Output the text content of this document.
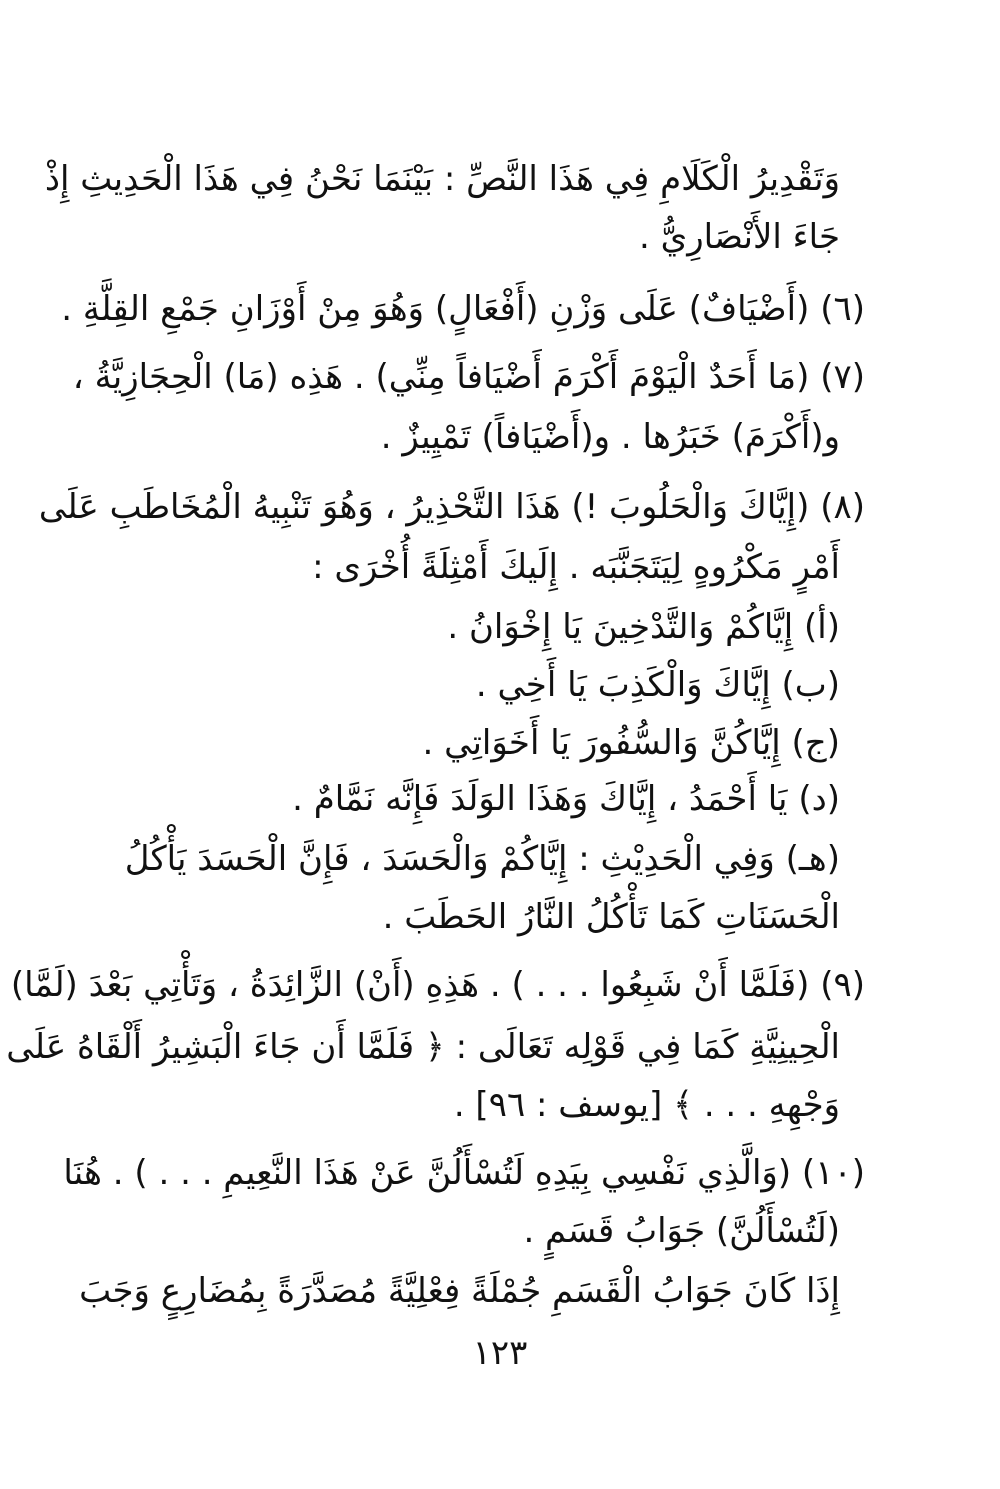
وَتَقْدِيرُ الْكَلَامِ فِي هَذَا النَّصِّ : بَيْنَمَا نَحْنُ فِي هَذَا الْحَدِيثِ إِذْ
جَاءَ الأَنْصَارِيُّ .
(٦) (أَضْيَافٌ) عَلَى وَزْنِ (أَفْعَالٍ) وَهُوَ مِنْ أَوْزَانِ جَمْعِ القِلَّةِ .
(٧) (مَا أَحَدٌ الْيَوْمَ أَكْرَمَ أَضْيَافاً مِنِّي) . هَذِه (مَا) الْحِجَازِيَّةُ ،
و(أَكْرَمَ) خَبَرُها . و(أَضْيَافاً) تَمْيِيزٌ .
(٨) (إِيَّاكَ وَالْحَلُوبَ !) هَذَا التَّحْذِيرُ ، وَهُوَ تَنْبِيهُ الْمُخَاطَبِ عَلَى
أَمْرٍ مَكْرُوهٍ لِيَتَجَنَّبَه . إِلَيكَ أَمْثِلَةً أُخْرَى :
(أ) إِيَّاكُمْ وَالتَّدْخِينَ يَا إِخْوَانُ .
(ب) إِيَّاكَ وَالْكَذِبَ يَا أَخِي .
(ج) إِيَّاكُنَّ وَالسُّفُورَ يَا أَخَوَاتِي .
(د) يَا أَحْمَدُ ، إِيَّاكَ وَهَذَا الوَلَدَ فَإِنَّه نَمَّامٌ .
(هـ) وَفِي الْحَدِيْثِ : إِيَّاكُمْ وَالْحَسَدَ ، فَإِنَّ الْحَسَدَ يَأْكُلُ
الْحَسَنَاتِ كَمَا تَأْكُلُ النَّارُ الحَطَبَ .
(٩) (فَلَمَّا أَنْ شَبِعُوا . . . ) . هَذِهِ (أَنْ) الزَّائِدَةُ ، وَتَأْتِي بَعْدَ (لَمَّا)
الْحِينِيَّةِ كَمَا فِي قَوْلِه تَعَالَى : ﴿ فَلَمَّا أَن جَاءَ الْبَشِيرُ أَلْقَاهُ عَلَى
وَجْهِهِ . . . ﴾ [يوسف : ٩٦] .
(١٠) (وَالَّذِي نَفْسِي بِيَدِهِ لَتُسْأَلُنَّ عَنْ هَذَا النَّعِيمِ . . . ) . هُنَا
(لَتُسْأَلُنَّ) جَوَابُ قَسَمٍ .
إِذَا كَانَ جَوَابُ الْقَسَمِ جُمْلَةً فِعْلِيَّةً مُصَدَّرَةً بِمُضَارِعٍ وَجَبَ
١٢٣
